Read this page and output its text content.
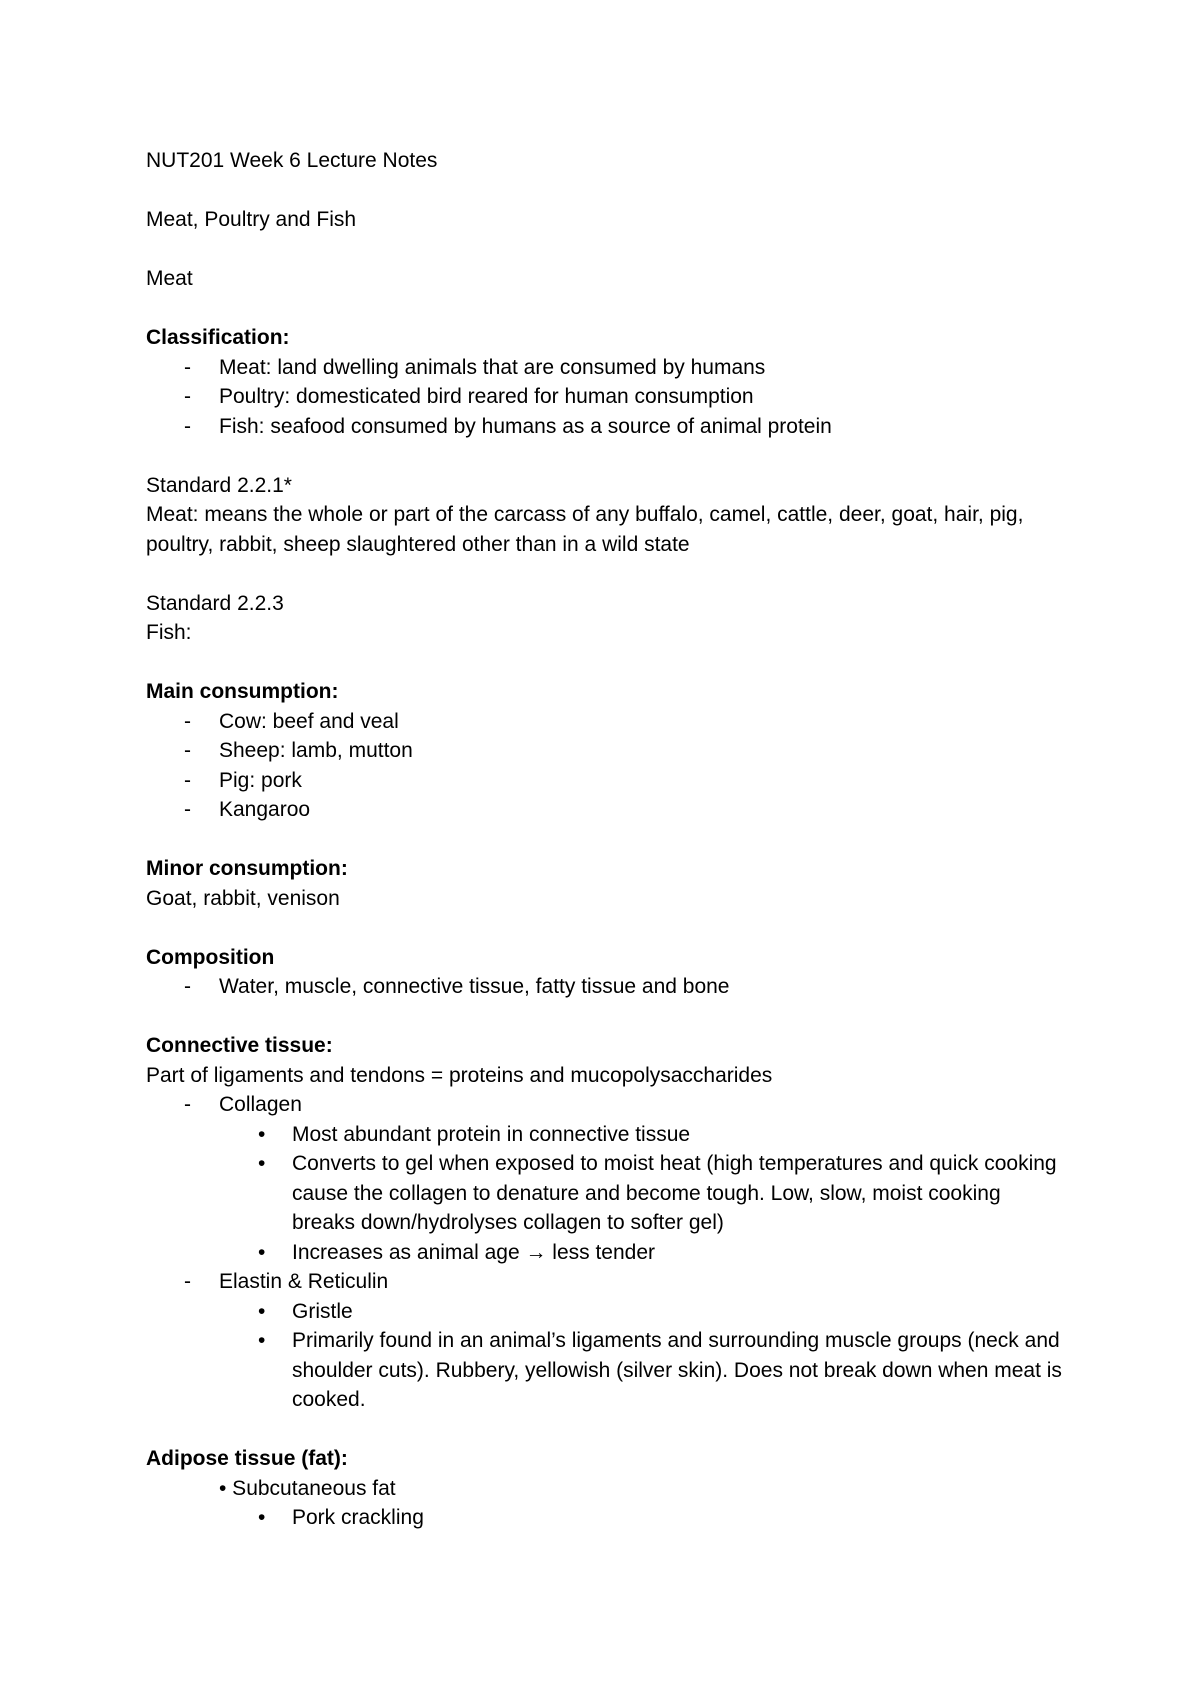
NUT201 Week 6 Lecture Notes

Meat, Poultry and Fish

Meat

Classification:

- Meat: land dwelling animals that are consumed by humans
- Poultry: domesticated bird reared for human consumption
- Fish: seafood consumed by humans as a source of animal protein

Standard 2.2.1*

Meat: means the whole or part of the carcass of any buffalo, camel, cattle, deer, goat, hair, pig, poultry, rabbit, sheep slaughtered other than in a wild state

Standard 2.2.3

Fish:

Main consumption:

- Cow: beef and veal
- Sheep: lamb, mutton
- Pig: pork
- Kangaroo

Minor consumption:

Goat, rabbit, venison

Composition

- Water, muscle, connective tissue, fatty tissue and bone

Connective tissue:

Part of ligaments and tendons = proteins and mucopolysaccharides

- Collagen
• Most abundant protein in connective tissue
• Converts to gel when exposed to moist heat (high temperatures and quick cooking cause the collagen to denature and become tough. Low, slow, moist cooking breaks down/hydrolyses collagen to softer gel)
• Increases as animal age → less tender
- Elastin & Reticulin
• Gristle
• Primarily found in an animal’s ligaments and surrounding muscle groups (neck and shoulder cuts). Rubbery, yellowish (silver skin). Does not break down when meat is cooked.

Adipose tissue (fat):

• Subcutaneous fat

• Pork crackling
